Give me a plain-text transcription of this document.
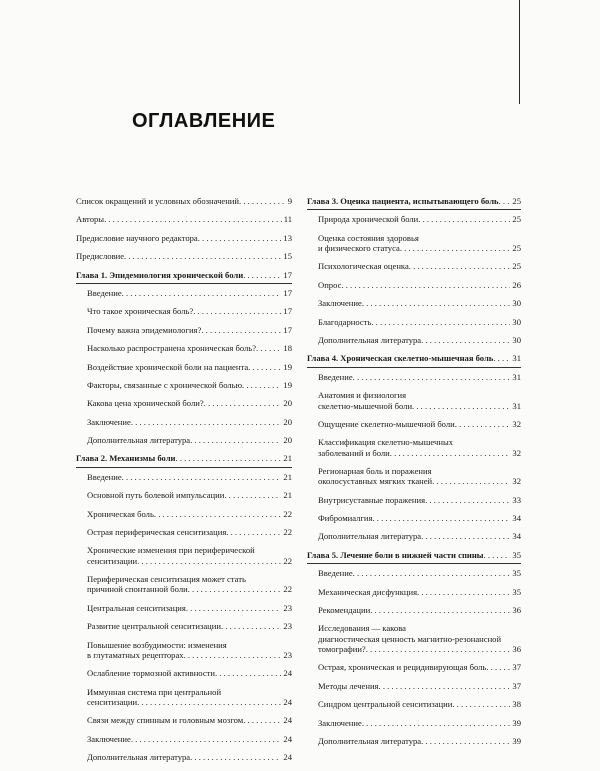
ОГЛАВЛЕНИЕ
Список окращений и условных обозначений . . .	9
Авторы . . .	11
Предисловие научного редактора . . .	13
Предисловие . . .	15
Глава 1. Эпидемиология хронической боли . . .	17
Введение . . .	17
Что такое хроническая боль? . . .	17
Почему важна эпидемиология? . . .	17
Насколько распространена хроническая боль? . . .	18
Воздействие хронической боли на пациента . . .	19
Факторы, связанные с хронической болью . . .	19
Какова цена хронической боли? . . .	20
Заключение . . .	20
Дополнительная литература . . .	20
Глава 2. Механизмы боли . . .	21
Введение . . .	21
Основной путь болевой импульсации . . .	21
Хроническая боль . . .	22
Острая периферическая сенситизация . . .	22
Хронические изменения при периферической
сенситизации . . .	22
Периферическая сенситизация может стать
причиной спонтанной боли . . .	22
Центральная сенситизация . . .	23
Развитие центральной сенситизации . . .	23
Повышение возбудимости: изменения
в глутаматных рецепторах . . .	23
Ослабление тормозной активности . . .	24
Иммунная система при центральной
сенситизации . . .	24
Связи между спинным и головным мозгом . . .	24
Заключение . . .	24
Дополнительная литература . . .	24
Глава 3. Оценка пациента, испытывающего боль . . .	25
Природа хронической боли . . .	25
Оценка состояния здоровья
и физического статуса . . .	25
Психологическая оценка . . .	25
Опрос . . .	26
Заключение . . .	30
Благодарность . . .	30
Дополнительная литература . . .	30
Глава 4. Хроническая скелетно-мышечная боль . . .	31
Введение . . .	31
Анатомия и физиология
скелетно-мышечной боли . . .	31
Ощущение скелетно-мышечной боли . . .	32
Классификация скелетно-мышечных
заболеваний и боли . . .	32
Регионарная боль и поражения
околосуставных мягких тканей . . .	32
Внутрисуставные поражения . . .	33
Фибромиалгия . . .	34
Дополнительная литература . . .	34
Глава 5. Лечение боли в нижней части спины . . .	35
Введение . . .	35
Механическая дисфункция . . .	35
Рекомендации . . .	36
Исследования — какова
диагностическая ценность магнитно-резонансной
томографии? . . .	36
Острая, хроническая и рецидивирующая боль . . .	37
Методы лечения . . .	37
Синдром центральной сенситизации . . .	38
Заключение . . .	39
Дополнительная литература . . .	39
